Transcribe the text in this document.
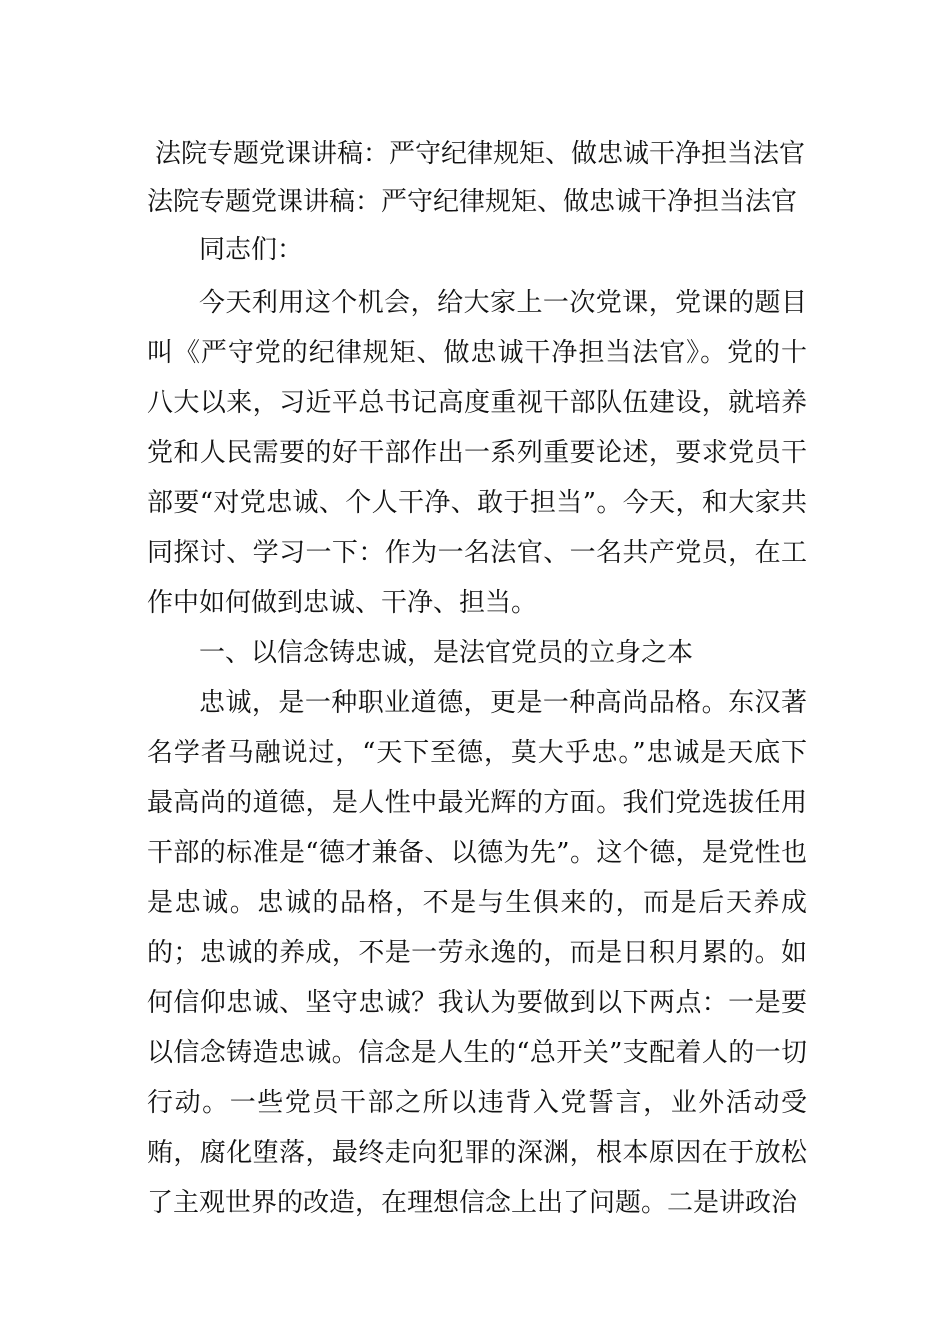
法院专题党课讲稿：严守纪律规矩、做忠诚干净担当法官
法院专题党课讲稿：严守纪律规矩、做忠诚干净担当法官
同志们：

今天利用这个机会，给大家上一次党课，党课的题目叫《严守党的纪律规矩、做忠诚干净担当法官》。党的十八大以来，习近平总书记高度重视干部队伍建设，就培养党和人民需要的好干部作出一系列重要论述，要求党员干部要“对党忠诚、个人干净、敢于担当”。今天，和大家共同探讨、学习一下：作为一名法官、一名共产党员，在工作中如何做到忠诚、干净、担当。

一、以信念铸忠诚，是法官党员的立身之本

忠诚，是一种职业道德，更是一种高尚品格。东汉著名学者马融说过，“天下至德，莫大乎忠。”忠诚是天底下最高尚的道德，是人性中最光辉的方面。我们党选拔任用干部的标准是“德才兼备、以德为先”。这个德，是党性也是忠诚。忠诚的品格，不是与生俱来的，而是后天养成的；忠诚的养成，不是一劳永逸的，而是日积月累的。如何信仰忠诚、坚守忠诚？我认为要做到以下两点：一是要以信念铸造忠诚。信念是人生的“总开关”支配着人的一切行动。一些党员干部之所以违背入党誓言，业外活动受贿，腐化堕落，最终走向犯罪的深渊，根本原因在于放松了主观世界的改造，在理想信念上出了问题。二是讲政治
